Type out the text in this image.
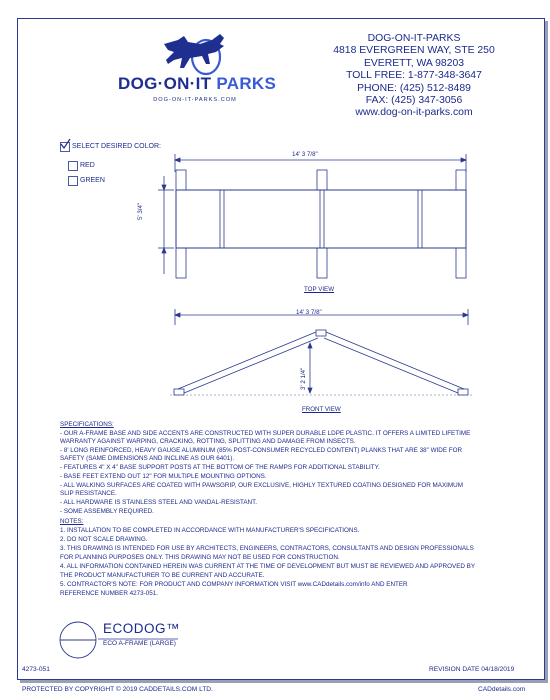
DOG·ON·IT PARKS
DOG-ON-IT-PARKS.COM
DOG-ON-IT-PARKS
4818 EVERGREEN WAY, STE 250
EVERETT, WA 98203
TOLL FREE: 1-877-348-3647
PHONE: (425) 512-8489
FAX: (425) 347-3056
www.dog-on-it-parks.com
SELECT DESIRED COLOR:
RED
GREEN
14' 3 7/8"
5' 3/4"
TOP VIEW
14' 3 7/8"
3' 2 1/4"
FRONT VIEW
SPECIFICATIONS:
- OUR A-FRAME BASE AND SIDE ACCENTS ARE CONSTRUCTED WITH SUPER DURABLE LDPE PLASTIC. IT OFFERS A LIMITED LIFETIME
WARRANTY AGAINST WARPING, CRACKING, ROTTING, SPLITTING AND DAMAGE FROM INSECTS.
- 8' LONG REINFORCED, HEAVY GAUGE ALUMINUM (85% POST-CONSUMER RECYCLED CONTENT) PLANKS THAT ARE 38" WIDE FOR
SAFETY (SAME DIMENSIONS AND INCLINE AS OUR 6401).
- FEATURES 4" X 4" BASE SUPPORT POSTS AT THE BOTTOM OF THE RAMPS FOR ADDITIONAL STABILITY.
- BASE FEET EXTEND OUT 12" FOR MULTIPLE MOUNTING OPTIONS.
- ALL WALKING SURFACES ARE COATED WITH PAWSGRIP, OUR EXCLUSIVE, HIGHLY TEXTURED COATING DESIGNED FOR MAXIMUM
SLIP RESISTANCE.
- ALL HARDWARE IS STAINLESS STEEL AND VANDAL-RESISTANT.
- SOME ASSEMBLY REQUIRED.
NOTES:
1. INSTALLATION TO BE COMPLETED IN ACCORDANCE WITH MANUFACTURER'S SPECIFICATIONS.
2. DO NOT SCALE DRAWING.
3. THIS DRAWING IS INTENDED FOR USE BY ARCHITECTS, ENGINEERS, CONTRACTORS, CONSULTANTS AND DESIGN PROFESSIONALS
FOR PLANNING PURPOSES ONLY. THIS DRAWING MAY NOT BE USED FOR CONSTRUCTION.
4. ALL INFORMATION CONTAINED HEREIN WAS CURRENT AT THE TIME OF DEVELOPMENT BUT MUST BE REVIEWED AND APPROVED BY
THE PRODUCT MANUFACTURER TO BE CURRENT AND ACCURATE.
5. CONTRACTOR'S NOTE: FOR PRODUCT AND COMPANY INFORMATION VISIT www.CADdetails.com/info AND ENTER
REFERENCE NUMBER 4273-051.
ECODOG™
ECO A-FRAME (LARGE)
4273-051	REVISION DATE 04/18/2019
PROTECTED BY COPYRIGHT © 2019 CADDETAILS.COM LTD.	CADdetails.com
